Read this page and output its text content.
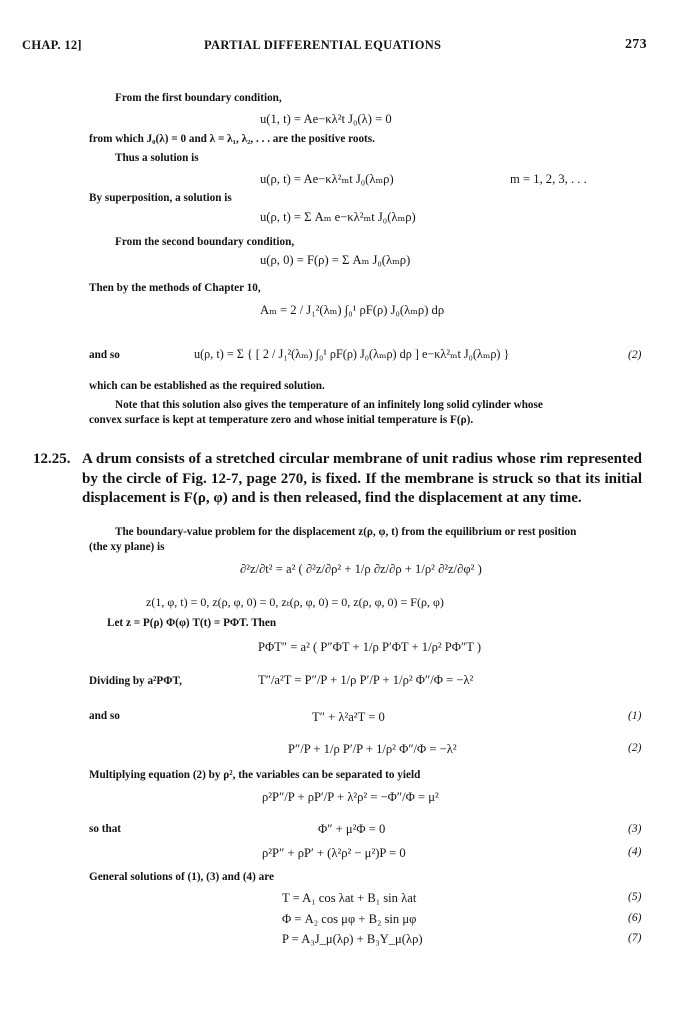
CHAP. 12]	PARTIAL DIFFERENTIAL EQUATIONS	273
From the first boundary condition,
u(1, t) = Ae−κλ²t J₀(λ) = 0
from which J₀(λ) = 0 and λ = λ₁, λ₂, . . . are the positive roots.
Thus a solution is
u(ρ, t) = Ae−κλ²ₘt J₀(λₘρ)	m = 1, 2, 3, . . .
By superposition, a solution is
u(ρ, t) = Σ Aₘ e−κλ²ₘt J₀(λₘρ)
From the second boundary condition,
u(ρ, 0) = F(ρ) = Σ Aₘ J₀(λₘρ)
Then by the methods of Chapter 10,
Aₘ = 2 / J₁²(λₘ) ∫₀¹ ρF(ρ) J₀(λₘρ) dρ
and so	u(ρ, t) = Σ { [ 2 / J₁²(λₘ) ∫₀¹ ρF(ρ) J₀(λₘρ) dρ ] e−κλ²ₘt J₀(λₘρ) }	(2)
which can be established as the required solution.
Note that this solution also gives the temperature of an infinitely long solid cylinder whose
convex surface is kept at temperature zero and whose initial temperature is F(ρ).
12.25. A drum consists of a stretched circular membrane of unit radius whose rim represented by the circle of Fig. 12-7, page 270, is fixed. If the membrane is struck so that its initial displacement is F(ρ, φ) and is then released, find the displacement at any time.
The boundary-value problem for the displacement z(ρ, φ, t) from the equilibrium or rest position
(the xy plane) is
∂²z/∂t² = a² ( ∂²z/∂ρ² + 1/ρ ∂z/∂ρ + 1/ρ² ∂²z/∂φ² )
z(1, φ, t) = 0, z(ρ, φ, 0) = 0, zₜ(ρ, φ, 0) = 0, z(ρ, φ, 0) = F(ρ, φ)
Let z = P(ρ) Φ(φ) T(t) = PΦT. Then
PΦT″ = a² ( P″ΦT + 1/ρ P′ΦT + 1/ρ² PΦ″T )
Dividing by a²PΦT,	T″/a²T = P″/P + 1/ρ P′/P + 1/ρ² Φ″/Φ = −λ²
and so	T″ + λ²a²T = 0	(1)
P″/P + 1/ρ P′/P + 1/ρ² Φ″/Φ = −λ²	(2)
Multiplying equation (2) by ρ², the variables can be separated to yield
ρ²P″/P + ρP′/P + λ²ρ² = −Φ″/Φ = μ²
so that	Φ″ + μ²Φ = 0	(3)
ρ²P″ + ρP′ + (λ²ρ² − μ²)P = 0	(4)
General solutions of (1), (3) and (4) are
T = A₁ cos λat + B₁ sin λat	(5)
Φ = A₂ cos μφ + B₂ sin μφ	(6)
P = A₃J_μ(λρ) + B₃Y_μ(λρ)	(7)
